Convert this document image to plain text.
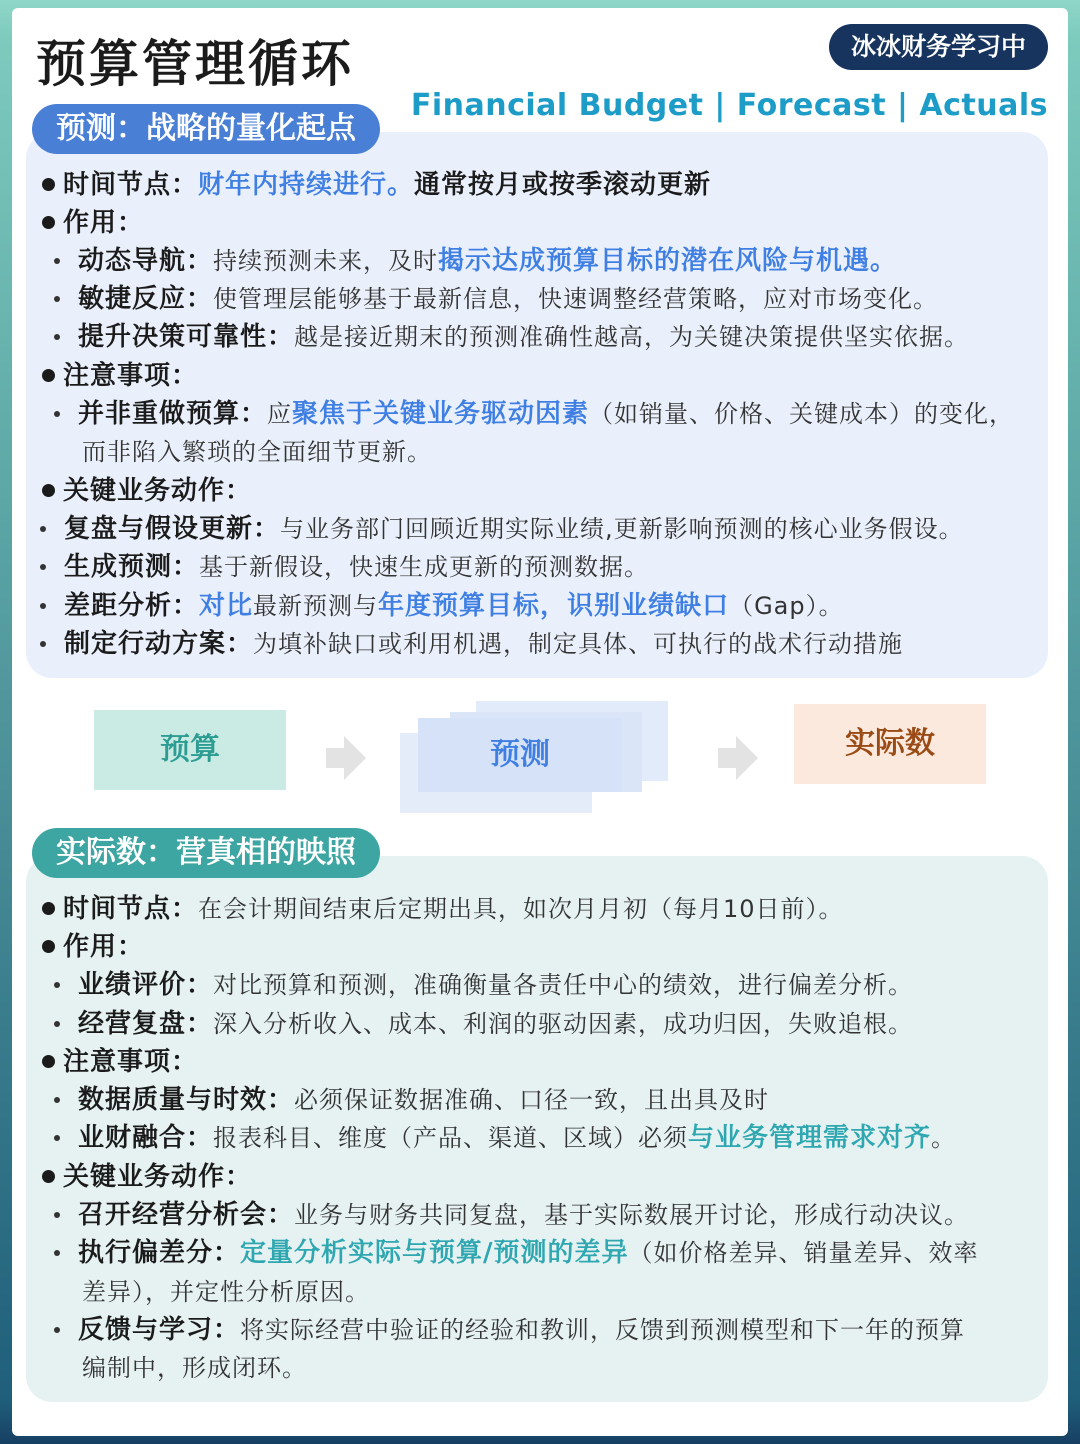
预算管理循环	冰冰财务学习中
Financial Budget | Forecast | Actuals
预测：战略的量化起点
时间节点：财年内持续进行。通常按月或按季滚动更新
作用：
动态导航：持续预测未来，及时揭示达成预算目标的潜在风险与机遇。
敏捷反应：使管理层能够基于最新信息，快速调整经营策略，应对市场变化。
提升决策可靠性：越是接近期末的预测准确性越高，为关键决策提供坚实依据。
注意事项：
并非重做预算：应聚焦于关键业务驱动因素（如销量、价格、关键成本）的变化，
而非陷入繁琐的全面细节更新。
关键业务动作：
复盘与假设更新：与业务部门回顾近期实际业绩,更新影响预测的核心业务假设。
生成预测：基于新假设，快速生成更新的预测数据。
差距分析：对比最新预测与年度预算目标，识别业绩缺口（Gap）。
制定行动方案：为填补缺口或利用机遇，制定具体、可执行的战术行动措施
预算	预测	实际数
实际数：营真相的映照
时间节点：在会计期间结束后定期出具，如次月月初（每月10日前）。
作用：
业绩评价：对比预算和预测，准确衡量各责任中心的绩效，进行偏差分析。
经营复盘：深入分析收入、成本、利润的驱动因素，成功归因，失败追根。
注意事项：
数据质量与时效：必须保证数据准确、口径一致，且出具及时
业财融合：报表科目、维度（产品、渠道、区域）必须与业务管理需求对齐。
关键业务动作：
召开经营分析会：业务与财务共同复盘，基于实际数展开讨论，形成行动决议。
执行偏差分：定量分析实际与预算/预测的差异（如价格差异、销量差异、效率
差异），并定性分析原因。
反馈与学习：将实际经营中验证的经验和教训，反馈到预测模型和下一年的预算
编制中，形成闭环。
